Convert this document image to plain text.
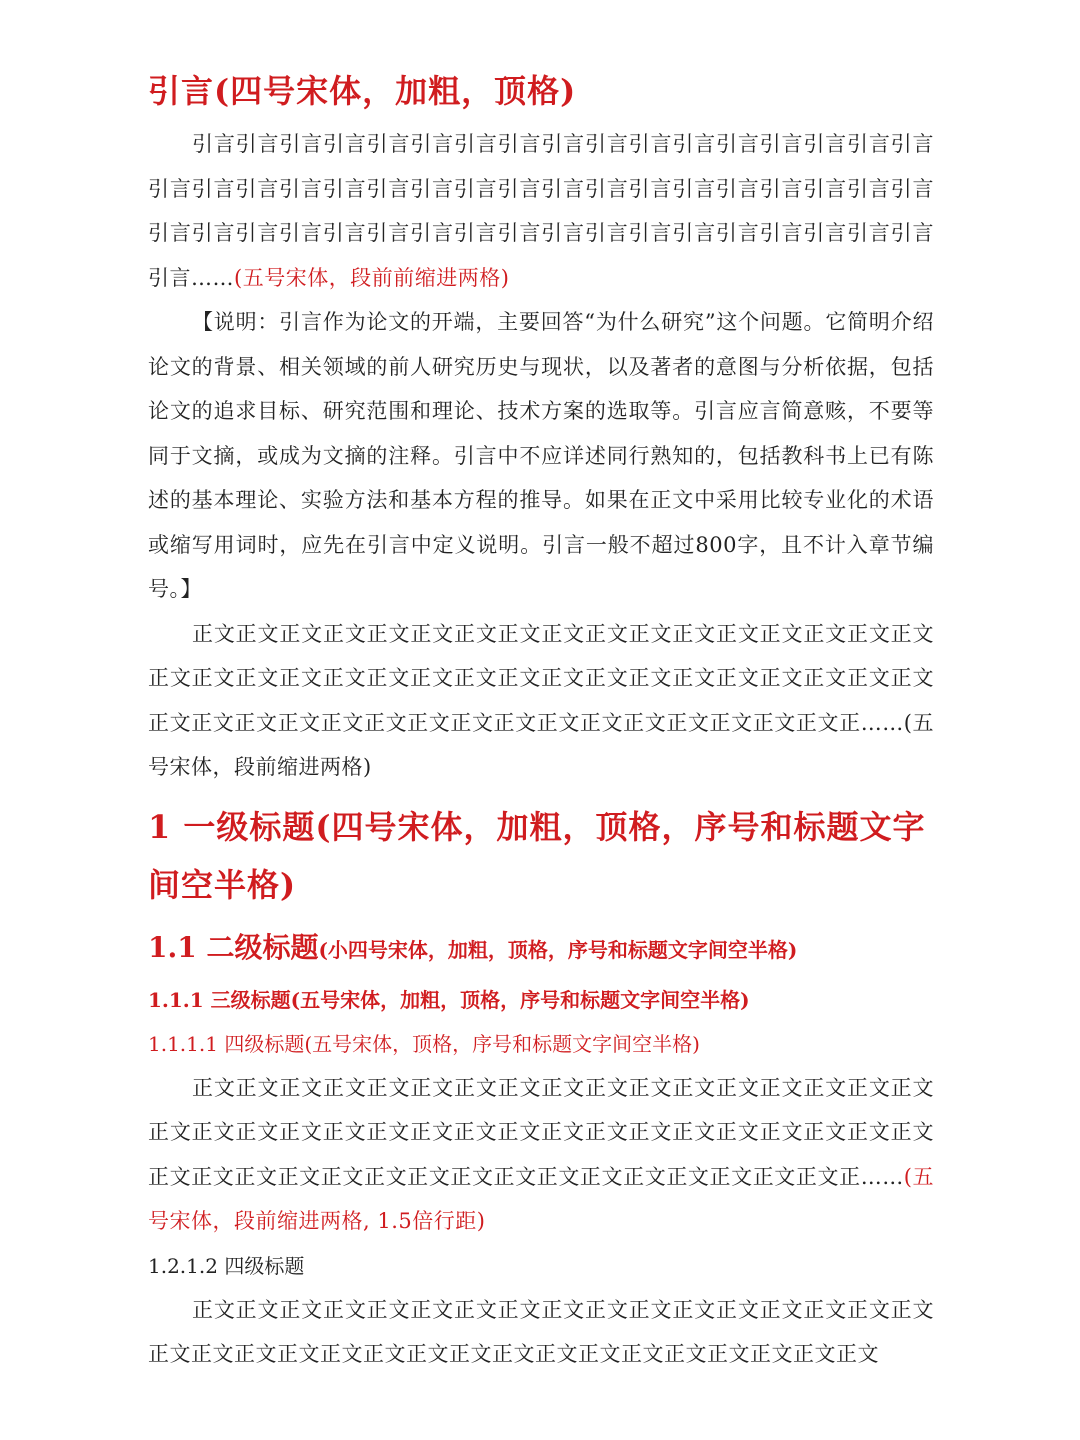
引言(四号宋体，加粗，顶格)

引言引言引言引言引言引言引言引言引言引言引言引言引言引言引言引言引言引言引言引言引言引言引言引言引言引言引言引言引言引言引言引言引言引言引言引言引言引言引言引言引言引言引言引言引言引言引言引言引言引言引言引言引言引言……(五号宋体，段前前缩进两格)

【说明：引言作为论文的开端，主要回答“为什么研究”这个问题。它简明介绍论文的背景、相关领域的前人研究历史与现状，以及著者的意图与分析依据，包括论文的追求目标、研究范围和理论、技术方案的选取等。引言应言简意赅，不要等同于文摘，或成为文摘的注释。引言中不应详述同行熟知的，包括教科书上已有陈述的基本理论、实验方法和基本方程的推导。如果在正文中采用比较专业化的术语或缩写用词时，应先在引言中定义说明。引言一般不超过800字，且不计入章节编号。】

正文正文正文正文正文正文正文正文正文正文正文正文正文正文正文正文正文正文正文正文正文正文正文正文正文正文正文正文正文正文正文正文正文正文正文正文正文正文正文正文正文正文正文正文正文正文正文正文正文正文正文正……(五号宋体，段前缩进两格)

1 一级标题(四号宋体，加粗，顶格，序号和标题文字间空半格)
1.1 二级标题(小四号宋体，加粗，顶格，序号和标题文字间空半格)
1.1.1 三级标题(五号宋体，加粗，顶格，序号和标题文字间空半格)
1.1.1.1 四级标题(五号宋体，顶格，序号和标题文字间空半格)

正文正文正文正文正文正文正文正文正文正文正文正文正文正文正文正文正文正文正文正文正文正文正文正文正文正文正文正文正文正文正文正文正文正文正文正文正文正文正文正文正文正文正文正文正文正文正文正文正文正文正文正……(五号宋体，段前缩进两格, 1.5倍行距)

1.2.1.2 四级标题

正文正文正文正文正文正文正文正文正文正文正文正文正文正文正文正文正文正文正文正文正文正文正文正文正文正文正文正文正文正文正文正文正文正文
